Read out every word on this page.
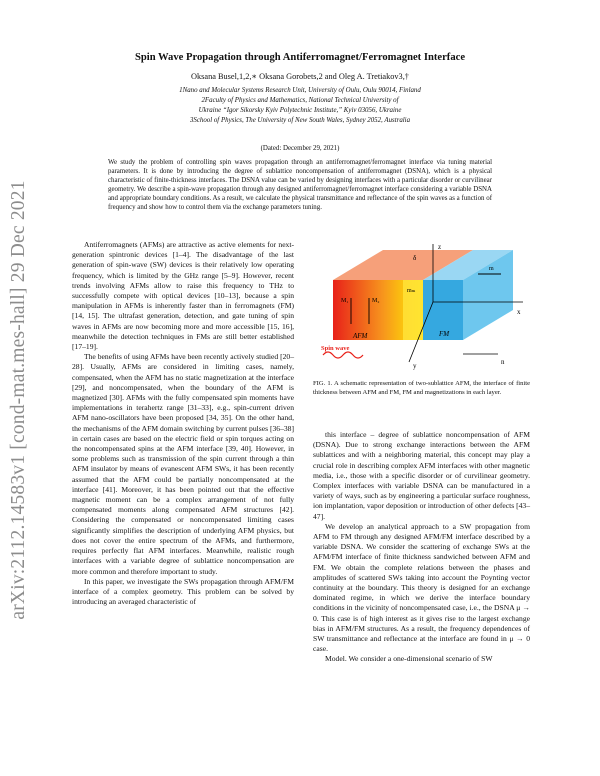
arXiv:2112.14583v1 [cond-mat.mes-hall] 29 Dec 2021
Spin Wave Propagation through Antiferromagnet/Ferromagnet Interface
Oksana Busel,1,2,∗ Oksana Gorobets,2 and Oleg A. Tretiakov3,†
1Nano and Molecular Systems Research Unit, University of Oulu, Oulu 90014, Finland
2Faculty of Physics and Mathematics, National Technical University of
Ukraine “Igor Sikorsky Kyiv Polytechnic Institute,” Kyiv 03056, Ukraine
3School of Physics, The University of New South Wales, Sydney 2052, Australia
(Dated: December 29, 2021)
We study the problem of controlling spin waves propagation through an antiferromagnet/ferromagnet interface via tuning material parameters. It is done by introducing the degree of sublattice noncompensation of antiferromagnet (DSNA), which is a physical characteristic of finite-thickness interfaces. The DSNA value can be varied by designing interfaces with a particular disorder or curvilinear geometry. We describe a spin-wave propagation through any designed antiferromagnet/ferromagnet interface considering a variable DSNA and appropriate boundary conditions. As a result, we calculate the physical transmittance and reflectance of the spin waves as a function of frequency and show how to control them via the exchange parameters tuning.

Antiferromagnets (AFMs) are attractive as active elements for next-generation spintronic devices [1–4]. The disadvantage of the last generation of spin-wave (SW) devices is their relatively low operating frequency, which is limited by the GHz range [5–9]. However, recent trends involving AFMs allow to raise this frequency to THz to successfully compete with optical devices [10–13], because a spin manipulation in AFMs is inherently faster than in ferromagnets (FM) [14, 15]. The ultrafast generation, detection, and gate tuning of spin waves in AFMs are now becoming more and more accessible [15, 16], meanwhile the detection techniques in FMs are still better established [17–19].

The benefits of using AFMs have been recently actively studied [20–28]. Usually, AFMs are considered in limiting cases, namely, compensated, when the AFM has no static magnetization at the interface [29], and noncompensated, when the boundary of the AFM is magnetized [30]. AFMs with the fully compensated spin moments have implementations in terahertz range [31–33], e.g., spin-current driven AFM nano-oscillators have been proposed [34, 35]. On the other hand, the mechanisms of the AFM domain switching by current pulses [36–38] in certain cases are based on the electric field or spin torques acting on the noncompensated spins at the AFM interface [39, 40]. However, in some problems such as transmission of the spin current through a thin AFM insulator by means of evanescent AFM SWs, it has been recently assumed that the AFM could be partially noncompensated at the interface [41]. Moreover, it has been pointed out that the effective magnetic moment can be a complex arrangement of not fully compensated moments along compensated AFM structures [42]. Considering the compensated or noncompensated limiting cases significantly simplifies the description of underlying AFM physics, but does not cover the entire spectrum of the AFMs, and furthermore, requires perfectly flat AFM interfaces. Meanwhile, realistic rough interfaces with a variable degree of sublattice noncompensation are more common and therefore important to study.

In this paper, we investigate the SWs propagation through AFM/FM interface of a complex geometry. This problem can be solved by introducing an averaged characteristic of

z
x
y
δ
AFM	FM
Spin wave
n
M₁	M₂
m
mₘ
FIG. 1. A schematic representation of two-sublattice AFM, the interface of finite thickness between AFM and FM, FM and magnetizations in each layer.

this interface – degree of sublattice noncompensation of AFM (DSNA). Due to strong exchange interactions between the AFM sublattices and with a neighboring material, this concept may play a crucial role in describing complex AFM interfaces with other magnetic media, i.e., those with a specific disorder or of curvilinear geometry. Complex interfaces with variable DSNA can be manufactured in a variety of ways, such as by engineering a particular surface roughness, ion implantation, vapor deposition or introduction of other defects [43–47].

We develop an analytical approach to a SW propagation from AFM to FM through any designed AFM/FM interface described by a variable DSNA. We consider the scattering of exchange SWs at the AFM/FM interface of finite thickness sandwiched between AFM and FM. We obtain the complete relations between the phases and amplitudes of scattered SWs taking into account the Poynting vector continuity at the boundary. This theory is designed for an exchange dominated regime, in which we derive the interface boundary conditions in the vicinity of noncompensated case, i.e., the DSNA μ → 0. This case is of high interest as it gives rise to the largest exchange bias in AFM/FM structures. As a result, the frequency dependences of SW transmittance and reflectance at the interface are found in μ → 0 case.

Model. We consider a one-dimensional scenario of SW
